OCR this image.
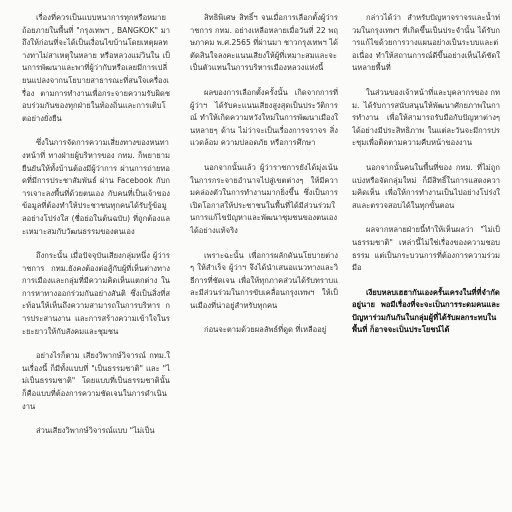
เรื่องที่ควรเป็นแบบหนาการทุกหรือหมายถ้อยภายในพื้นที่ "กรุงเทพฯ , BANGKOK" มาถึงให้ก่อนที่จะได้เป็นเงื่อนไขบ้านโดยเหตุผลทางทาไม่สาเหตุในหลาย หรือหลวงแม่วินใน เป็นการพัฒนาและพาที่ผู้ว่ากับหรือเลยมีการเปลี่ยนแปลงจากนโยบายสาธารณะที่สนใจเครื่องเรื่อง ตามการทำงานเพื่อกระจายความรับผิดชอบร่วมกันของทุกฝ่ายในท้องถิ่นและการเติบโตอย่างยั่งยืน

ซึ่งในการจัดการความเสี่ยงทางของหนทางหน้าที่ ทางฝ่ายผู้บริหารของ กทม. ก็พยายามยืนยันให้ทั้งบ้านต้องมีผู้ว่าการ ผ่านการถ่ายทอดที่มีการประชาสัมพันธ์ ผ่าน Facebook กับการเจาะลงพื้นที่ด้วยตนเอง กับคนที่เป็นเจ้าของข้อมูลที่ต้องทำให้ประชาชนทุกคนได้รับรู้ข้อมูลอย่างโปร่งใส (ชื่อย่อในต้นฉบับ) ที่ถูกต้องและเหมาะสมกับวัฒนธรรมของตนเอง

ถึงกระนั้น เมื่อปัจจุบันเสียงกลุ่มหนึ่ง ผู้ว่าราชการ กทม.ยังคงต้องต่อสู้กับผู้ที่เห็นต่างทางการเมืองและกลุ่มที่มีความคิดเห็นแตกต่าง ในการหาทางออกร่วมกันอย่างสันติ ซึ่งเป็นสิ่งที่สะท้อนให้เห็นถึงความสามารถในการบริหาร การประสานงาน และการสร้างความเข้าใจในระยะยาวให้กับสังคมและชุมชน

อย่างไรก็ตาม เสียงวิพากษ์วิจารณ์ กทม.ในเรื่องนี้ ก็มีทั้งแบบที่ "เป็นธรรมชาติ" และ "ไม่เป็นธรรมชาติ" โดยแบบที่เป็นธรรมชาตินั้นก็คือแบบที่ต้องการความชัดเจนในการดำเนินงาน

ส่วนเสียงวิพากษ์วิจารณ์แบบ "ไม่เป็น

สิทธิพิเศษ สิทธิ์ฯ จนเมื่อการเลือกตั้งผู้ว่าราชการ กทม. อย่างเหลือหลายเมื่อวันที่ 22 พฤษภาคม พ.ศ.2565 ที่ผ่านมา ชาวกรุงเทพฯ ได้ตัดสินใจลงคะแนนเสียงให้ผู้ที่เหมาะสมและจะเป็นตัวแทนในการบริหารเมืองหลวงแห่งนี้

ผลของการเลือกตั้งครั้งนั้น เกิดจากการที่ผู้ว่าฯ ได้รับคะแนนเสียงสูงสุดเป็นประวัติการณ์ ทำให้เกิดความหวังใหม่ในการพัฒนาเมืองในหลายๆ ด้าน ไม่ว่าจะเป็นเรื่องการจราจร สิ่งแวดล้อม ความปลอดภัย หรือการศึกษา

นอกจากนั้นแล้ว ผู้ว่าราชการยังได้มุ่งเน้นในการกระจายอำนาจไปสู่เขตต่างๆ ให้มีความคล่องตัวในการทำงานมากยิ่งขึ้น ซึ่งเป็นการเปิดโอกาสให้ประชาชนในพื้นที่ได้มีส่วนร่วมในการแก้ไขปัญหาและพัฒนาชุมชนของตนเองได้อย่างแท้จริง

เพราะฉะนั้น เพื่อการผลักดันนโยบายต่างๆ ให้สำเร็จ ผู้ว่าฯ จึงได้นำเสนอแนวทางและวิธีการที่ชัดเจน เพื่อให้ทุกภาคส่วนได้รับทราบและมีส่วนร่วมในการขับเคลื่อนกรุงเทพฯ ให้เป็นเมืองที่น่าอยู่สำหรับทุกคน

ก่อนจะตามด้วยผลลัพธ์ที่ดูด ที่เหลืออยู่

กล่าวได้ว่า สำหรับปัญหาจราจรและน้ำท่วมในกรุงเทพฯ ที่เกิดขึ้นเป็นประจำนั้น ได้รับการแก้ไขด้วยการวางแผนอย่างเป็นระบบและต่อเนื่อง ทำให้สถานการณ์ดีขึ้นอย่างเห็นได้ชัดในหลายพื้นที่

ในส่วนของเจ้าหน้าที่และบุคลากรของ กทม. ได้รับการสนับสนุนให้พัฒนาศักยภาพในการทำงาน เพื่อให้สามารถรับมือกับปัญหาต่างๆ ได้อย่างมีประสิทธิภาพ ในแต่ละวันจะมีการประชุมเพื่อติดตามความคืบหน้าของงาน

นอกจากนั้นคนในพื้นที่ของ กทม. ที่ไม่ถูกแบ่งหรือจัดกลุ่มใหม่ ก็มีสิทธิ์ในการแสดงความคิดเห็น เพื่อให้การทำงานเป็นไปอย่างโปร่งใสและตรวจสอบได้ในทุกขั้นตอน

ผลจากหลายฝ่ายนี้ทำให้เห็นผลว่า "ไม่เป็นธรรมชาติ" เหล่านี้ไม่ใช่เรื่องของความชอบธรรม แต่เป็นกระบวนการที่ต้องการความร่วมมือ

เงียบหลบเฮฮากันเองครั้นเครงในที่ที่จำกัดอยู่นาย พอมีเรื่องที่จะจะเป็นการระดมคนและปัญหาร่วมกันกันในกลุ่มผู้ที่ได้รับผลกระทบในพื้นที่ ก็อาจจะเป็นประโยชน์ได้
